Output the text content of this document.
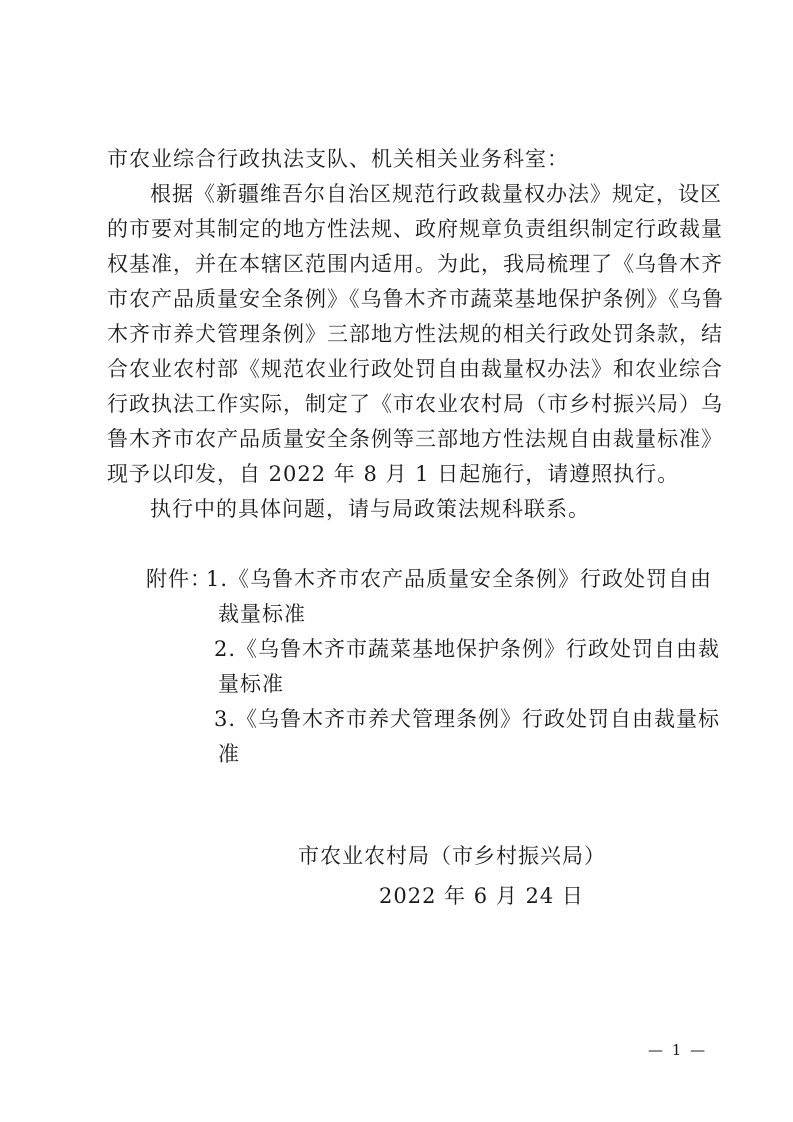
市农业综合行政执法支队、机关相关业务科室：
根据《新疆维吾尔自治区规范行政裁量权办法》规定，设区
的市要对其制定的地方性法规、政府规章负责组织制定行政裁量
权基准，并在本辖区范围内适用。为此，我局梳理了《乌鲁木齐
市农产品质量安全条例》《乌鲁木齐市蔬菜基地保护条例》《乌鲁
木齐市养犬管理条例》三部地方性法规的相关行政处罚条款，结
合农业农村部《规范农业行政处罚自由裁量权办法》和农业综合
行政执法工作实际，制定了《市农业农村局（市乡村振兴局）乌
鲁木齐市农产品质量安全条例等三部地方性法规自由裁量标准》
现予以印发，自 2022 年 8 月 1 日起施行，请遵照执行。
执行中的具体问题，请与局政策法规科联系。
附件：
1.《乌鲁木齐市农产品质量安全条例》行政处罚自由
裁量标准
2.《乌鲁木齐市蔬菜基地保护条例》行政处罚自由裁
量标准
3.《乌鲁木齐市养犬管理条例》行政处罚自由裁量标
准
市农业农村局（市乡村振兴局）
2022 年 6 月 24 日
— 1 —
